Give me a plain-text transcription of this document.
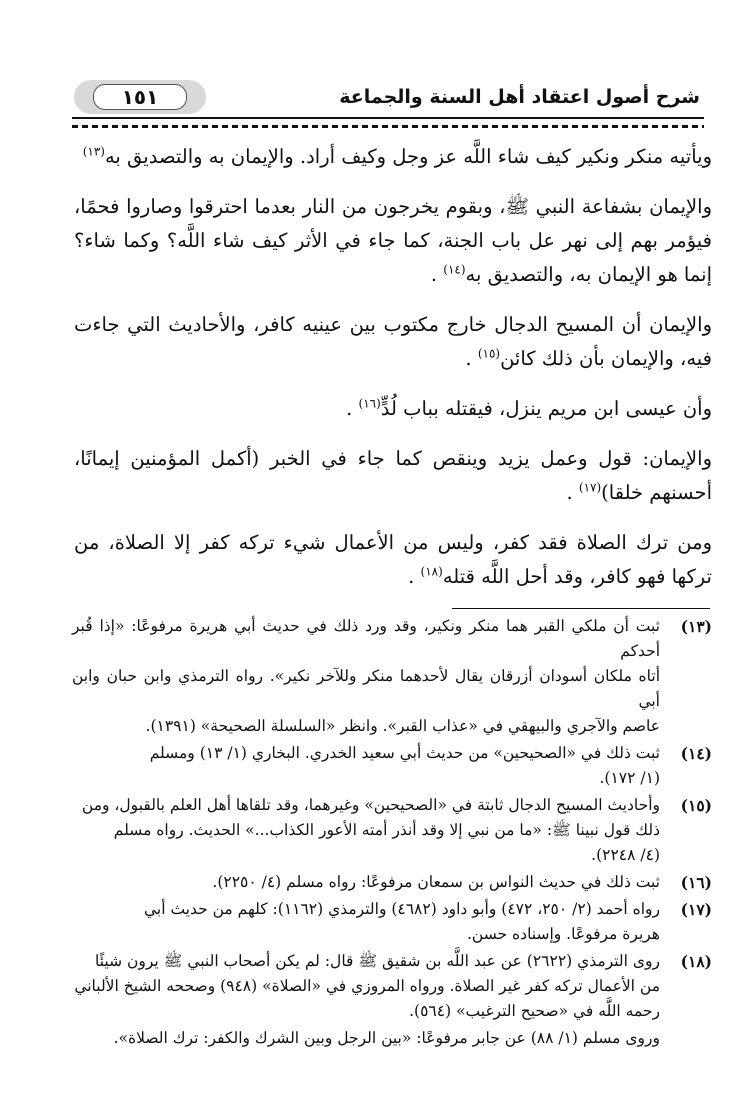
١٥١	شرح أصول اعتقاد أهل السنة والجماعة

ويأتيه منكر ونكير كيف شاء اللَّه عز وجل وكيف أراد. والإيمان به والتصديق به$^{(١٣)}$

والإيمان بشفاعة النبي ﷺ، وبقوم يخرجون من النار بعدما احترقوا وصاروا فحمًا، فيؤمر بهم إلى نهر عل باب الجنة، كما جاء في الأثر كيف شاء اللَّه؟ وكما شاء؟ إنما هو الإيمان به، والتصديق به$^{(١٤)}$ .

والإيمان أن المسيح الدجال خارج مكتوب بين عينيه كافر، والأحاديث التي جاءت فيه، والإيمان بأن ذلك كائن$^{(١٥)}$ .

وأن عيسى ابن مريم ينزل، فيقتله بباب لُدٍّ$^{(١٦)}$ .

والإيمان: قول وعمل يزيد وينقص كما جاء في الخبر (أكمل المؤمنين إيمانًا، أحسنهم خلقا)$^{(١٧)}$ .

ومن ترك الصلاة فقد كفر، وليس من الأعمال شيء تركه كفر إلا الصلاة، من تركها فهو كافر، وقد أحل اللَّه قتله$^{(١٨)}$ .

(١٣)
ثبت أن ملكي القبر هما منكر ونكير، وقد ورد ذلك في حديث أبي هريرة مرفوعًا: «إذا قُبر أحدكم
أتاه ملكان أسودان أزرقان يقال لأحدهما منكر وللآخر نكير». رواه الترمذي وابن حبان وابن أبي
عاصم والآجري والبيهقي في «عذاب القبر». وانظر «السلسلة الصحيحة» (١٣٩١).
(١٤)
ثبت ذلك في «الصحيحين» من حديث أبي سعيد الخدري. البخاري (١/ ١٣) ومسلم
(١/ ١٧٢).
(١٥)
وأحاديث المسيح الدجال ثابتة في «الصحيحين» وغيرهما، وقد تلقاها أهل العلم بالقبول، ومن
ذلك قول نبينا ﷺ: «ما من نبي إلا وقد أنذر أمته الأعور الكذاب...» الحديث. رواه مسلم
(٤/ ٢٢٤٨).
(١٦)
ثبت ذلك في حديث النواس بن سمعان مرفوعًا: رواه مسلم (٤/ ٢٢٥٠).
(١٧)
رواه أحمد (٢/ ٢٥٠، ٤٧٢) وأبو داود (٤٦٨٢) والترمذي (١١٦٢): كلهم من حديث أبي
هريرة مرفوعًا. وإسناده حسن.
(١٨)
روى الترمذي (٢٦٢٢) عن عبد اللَّه بن شقيق ﷺ قال: لم يكن أصحاب النبي ﷺ يرون شيئًا
من الأعمال تركه كفر غير الصلاة. ورواه المروزي في «الصلاة» (٩٤٨) وصححه الشيخ الألباني
رحمه اللَّه في «صحيح الترغيب» (٥٦٤).
وروى مسلم (١/ ٨٨) عن جابر مرفوعًا: «بين الرجل وبين الشرك والكفر: ترك الصلاة».
